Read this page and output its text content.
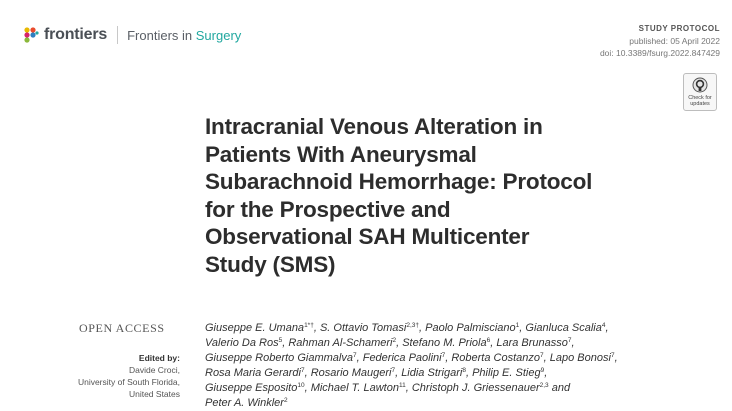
frontiers Frontiers in Surgery	STUDY PROTOCOL
published: 05 April 2022
doi: 10.3389/fsurg.2022.847429
Check for
updates
Intracranial Venous Alteration in
Patients With Aneurysmal
Subarachnoid Hemorrhage: Protocol
for the Prospective and
Observational SAH Multicenter
Study (SMS)
OPEN ACCESS
Edited by:
Davide Croci,
University of South Florida,
United States
Giuseppe E. Umana$^{1*\dagger}$, S. Ottavio Tomasi$^{2,3\dagger}$, Paolo Palmisciano$^1$, Gianluca Scalia$^4$,
Valerio Da Ros$^5$, Rahman Al-Schameri$^2$, Stefano M. Priola$^6$, Lara Brunasso$^7$,
Giuseppe Roberto Giammalva$^7$, Federica Paolini$^7$, Roberta Costanzo$^7$, Lapo Bonosi$^7$,
Rosa Maria Gerardi$^7$, Rosario Maugeri$^7$, Lidia Strigari$^8$, Philip E. Stieg$^9$,
Giuseppe Esposito$^{10}$, Michael T. Lawton$^{11}$, Christoph J. Griessenauer$^{2,3}$ and
Peter A. Winkler$^2$
